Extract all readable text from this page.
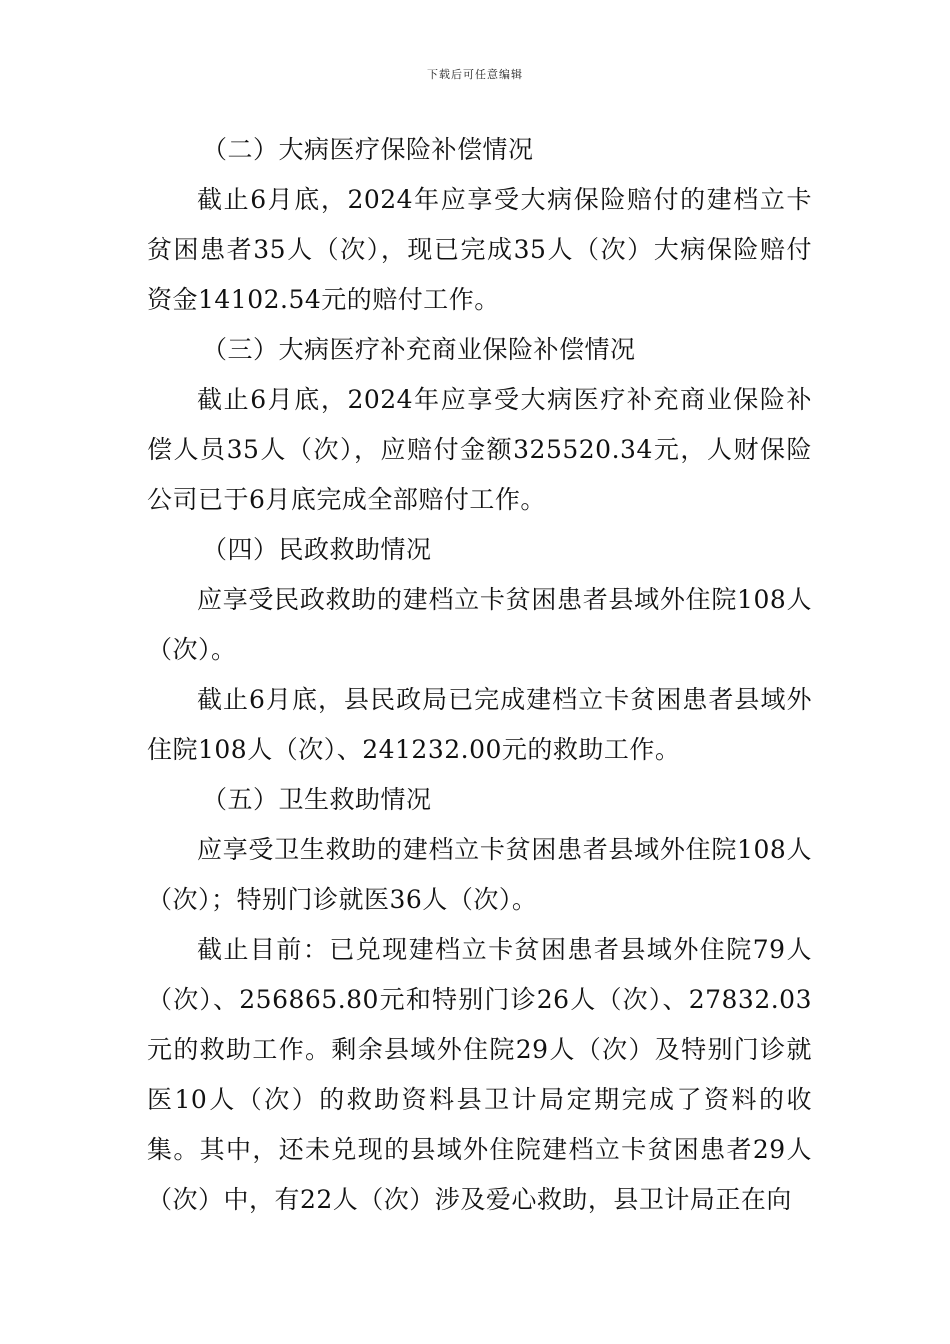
下载后可任意编辑

（二）大病医疗保险补偿情况

截止6月底，2024年应享受大病保险赔付的建档立卡贫困患者35人（次），现已完成35人（次）大病保险赔付资金14102.54元的赔付工作。

（三）大病医疗补充商业保险补偿情况

截止6月底，2024年应享受大病医疗补充商业保险补偿人员35人（次），应赔付金额325520.34元，人财保险公司已于6月底完成全部赔付工作。

（四）民政救助情况

应享受民政救助的建档立卡贫困患者县域外住院108人（次）。

截止6月底，县民政局已完成建档立卡贫困患者县域外住院108人（次）、241232.00元的救助工作。

（五）卫生救助情况

应享受卫生救助的建档立卡贫困患者县域外住院108人（次）；特别门诊就医36人（次）。

截止目前：已兑现建档立卡贫困患者县域外住院79人（次）、256865.80元和特别门诊26人（次）、27832.03元的救助工作。剩余县域外住院29人（次）及特别门诊就医10人（次）的救助资料县卫计局定期完成了资料的收集。其中，还未兑现的县域外住院建档立卡贫困患者29人（次）中，有22人（次）涉及爱心救助，县卫计局正在向
